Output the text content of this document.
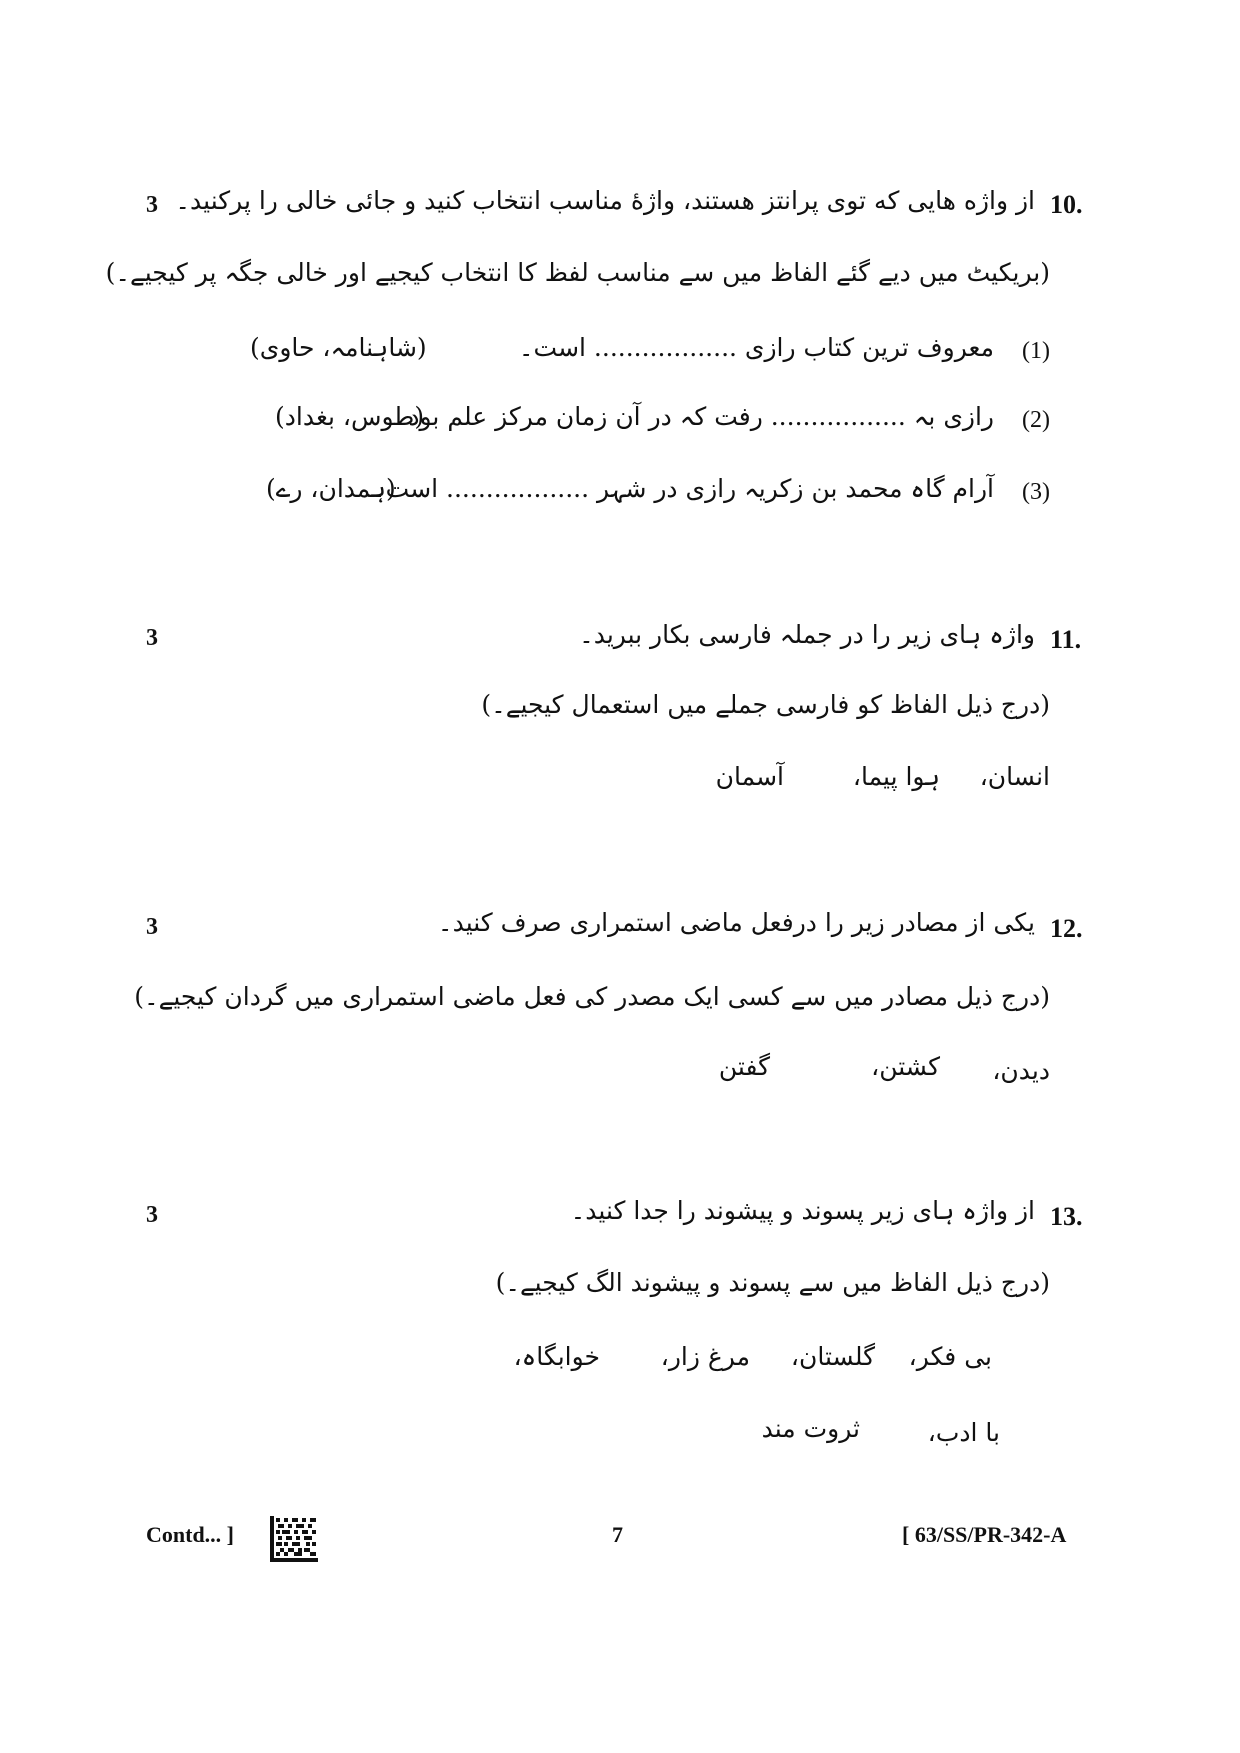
3	10.
از واژه هایی که توی پرانتز هستند، واژهٔ مناسب انتخاب کنید و جائی خالی را پرکنید۔
(بریکیٹ میں دیے گئے الفاظ میں سے مناسب لفظ کا انتخاب کیجیے اور خالی جگہ پر کیجیے۔)
(1)
معروف ترین کتاب رازی .................. است۔
(شاہنامہ، حاوی)
(2)
رازی بہ ................. رفت کہ در آن زمان مرکز علم بود۔
(طوس، بغداد)
(3)
آرام گاہ محمد بن زکریہ رازی در شہر .................. است۔
(ہمدان، رے)
3	11.
واژہ ہای زیر را در جملہ فارسی بکار ببرید۔
(درج ذیل الفاظ کو فارسی جملے میں استعمال کیجیے۔)
انسان،
ہوا پیما،
آسمان
3	12.
یکی از مصادر زیر را درفعل ماضی استمراری صرف کنید۔
(درج ذیل مصادر میں سے کسی ایک مصدر کی فعل ماضی استمراری میں گردان کیجیے۔)
دیدن،
کشتن،
گفتن
3	13.
از واژہ ہای زیر پسوند و پیشوند را جدا کنید۔
(درج ذیل الفاظ میں سے پسوند و پیشوند الگ کیجیے۔)
بی فکر،
گلستان،
مرغ زار،
خوابگاہ،
با ادب،
ثروت مند
Contd... ]	7	[ 63/SS/PR-342-A
